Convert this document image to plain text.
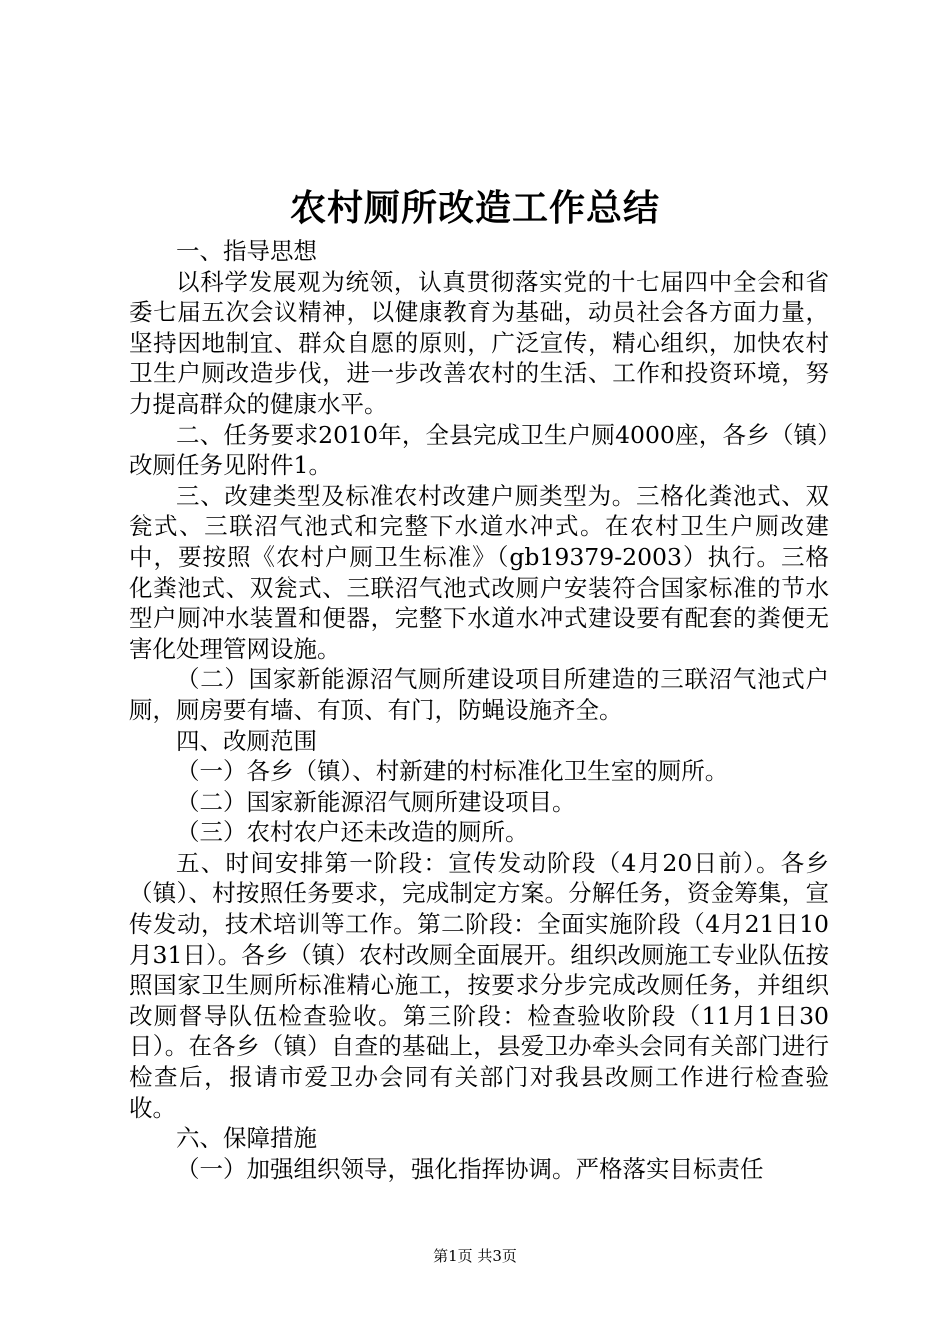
农村厕所改造工作总结

一、指导思想

以科学发展观为统领，认真贯彻落实党的十七届四中全会和省委七届五次会议精神，以健康教育为基础，动员社会各方面力量，坚持因地制宜、群众自愿的原则，广泛宣传，精心组织，加快农村卫生户厕改造步伐，进一步改善农村的生活、工作和投资环境，努力提高群众的健康水平。

二、任务要求2010年，全县完成卫生户厕4000座，各乡（镇）改厕任务见附件1。

三、改建类型及标准农村改建户厕类型为。三格化粪池式、双瓮式、三联沼气池式和完整下水道水冲式。在农村卫生户厕改建中，要按照《农村户厕卫生标准》（gb19379-2003）执行。三格化粪池式、双瓮式、三联沼气池式改厕户安装符合国家标准的节水型户厕冲水装置和便器，完整下水道水冲式建设要有配套的粪便无害化处理管网设施。

（二）国家新能源沼气厕所建设项目所建造的三联沼气池式户厕，厕房要有墙、有顶、有门，防蝇设施齐全。

四、改厕范围

（一）各乡（镇）、村新建的村标准化卫生室的厕所。

（二）国家新能源沼气厕所建设项目。

（三）农村农户还未改造的厕所。

五、时间安排第一阶段：宣传发动阶段（4月20日前）。各乡（镇）、村按照任务要求，完成制定方案。分解任务，资金筹集，宣传发动，技术培训等工作。第二阶段：全面实施阶段（4月21日10月31日）。各乡（镇）农村改厕全面展开。组织改厕施工专业队伍按照国家卫生厕所标准精心施工，按要求分步完成改厕任务，并组织改厕督导队伍检查验收。第三阶段：检查验收阶段（11月1日30日）。在各乡（镇）自查的基础上，县爱卫办牵头会同有关部门进行检查后，报请市爱卫办会同有关部门对我县改厕工作进行检查验收。

六、保障措施

（一）加强组织领导，强化指挥协调。严格落实目标责任

第1页 共3页
